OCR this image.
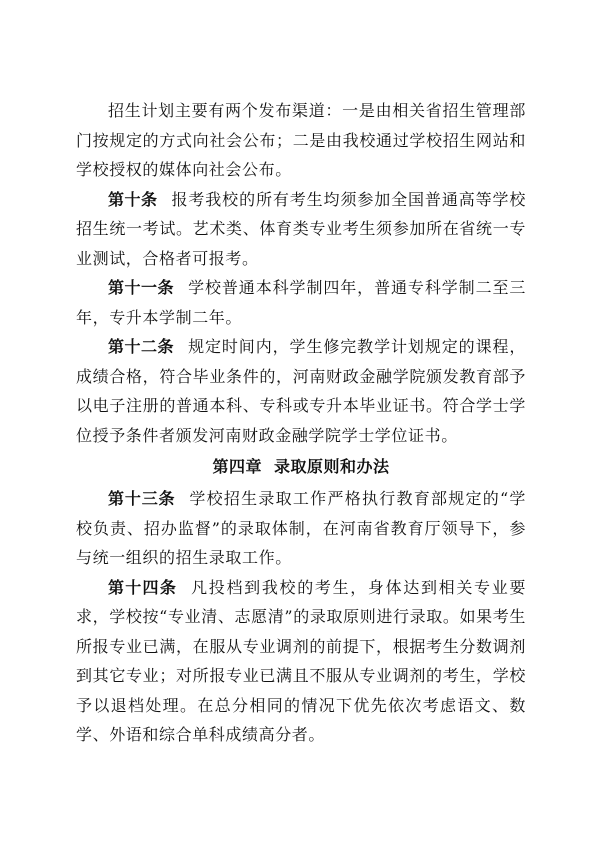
招生计划主要有两个发布渠道：一是由相关省招生管理部门按规定的方式向社会公布；二是由我校通过学校招生网站和学校授权的媒体向社会公布。

第十条 报考我校的所有考生均须参加全国普通高等学校招生统一考试。艺术类、体育类专业考生须参加所在省统一专业测试，合格者可报考。

第十一条 学校普通本科学制四年，普通专科学制二至三年，专升本学制二年。

第十二条 规定时间内，学生修完教学计划规定的课程，成绩合格，符合毕业条件的，河南财政金融学院颁发教育部予以电子注册的普通本科、专科或专升本毕业证书。符合学士学位授予条件者颁发河南财政金融学院学士学位证书。

第四章 录取原则和办法

第十三条 学校招生录取工作严格执行教育部规定的“学校负责、招办监督”的录取体制，在河南省教育厅领导下，参与统一组织的招生录取工作。

第十四条 凡投档到我校的考生，身体达到相关专业要求，学校按“专业清、志愿清”的录取原则进行录取。如果考生所报专业已满，在服从专业调剂的前提下，根据考生分数调剂到其它专业；对所报专业已满且不服从专业调剂的考生，学校予以退档处理。在总分相同的情况下优先依次考虑语文、数学、外语和综合单科成绩高分者。
